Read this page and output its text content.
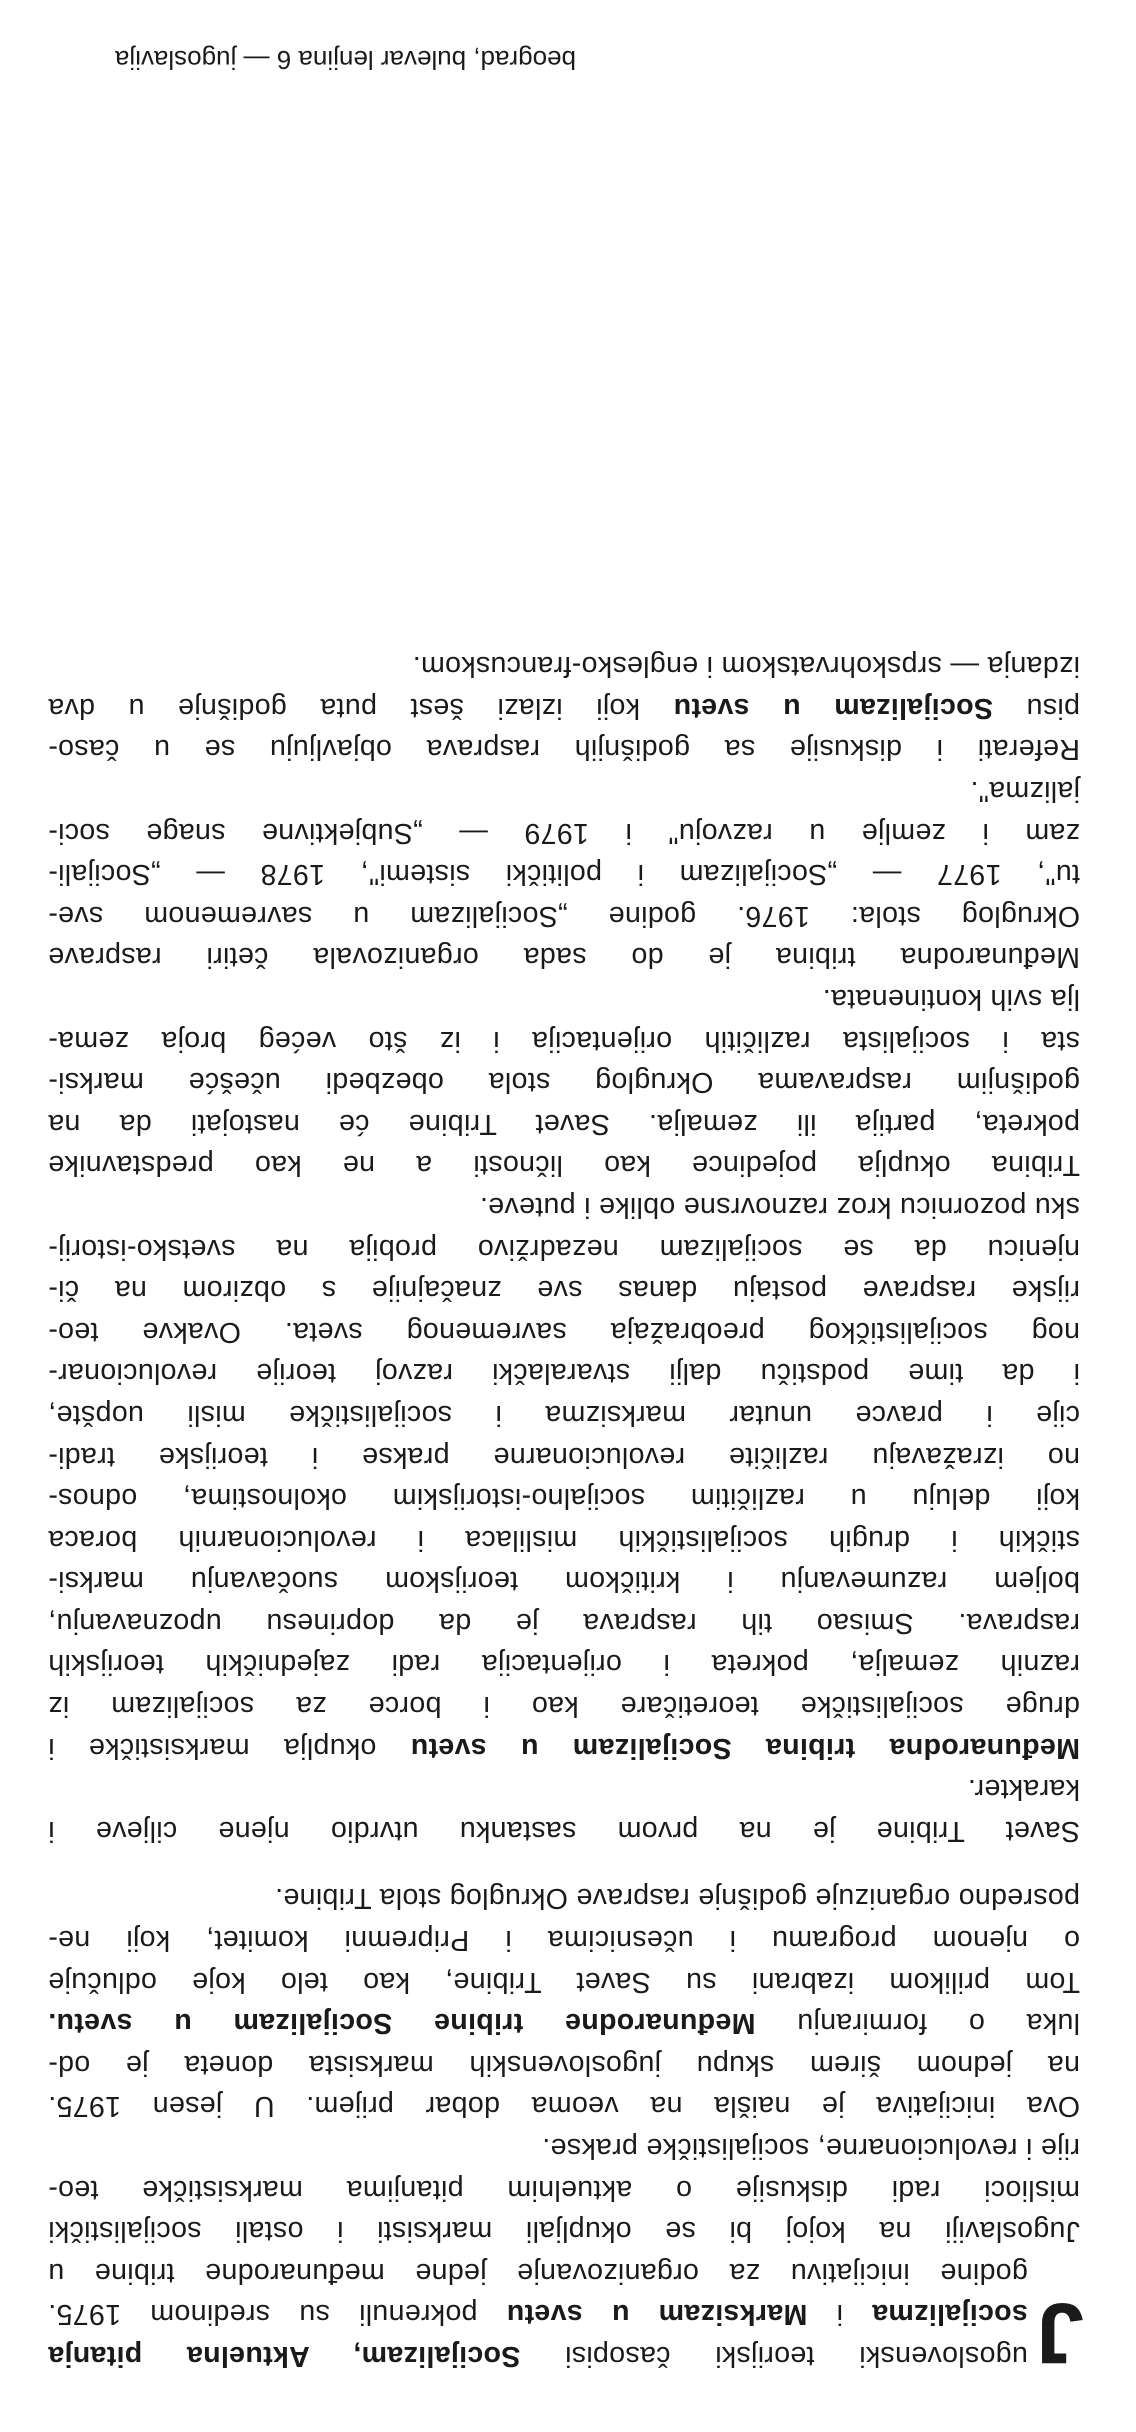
J
ugoslovenski teorijski časopisi Socijalizam, Aktuelna pitanja
socijalizma i Marksizam u svetu pokrenuli su sredinom 1975.
godine inicijativu za organizovanje jedne međunarodne tribine u
Jugoslaviji na kojoj bi se okupljali marksisti i ostali socijalistički
mislioci radi diskusije o aktuelnim pitanjima marksističke teo-
rije i revolucionarne, socijalističke prakse.
Ova inicijativa je naišla na veoma dobar prijem. U jesen 1975.
na jednom širem skupu jugoslovenskih marksista doneta je od-
luka o formiranju Međunarodne tribine Socijalizam u svetu.
Tom prilikom izabrani su Savet Tribine, kao telo koje odlučuje
o njenom programu i učesnicima i Pripremni komitet, koji ne-
posredno organizuje godišnje rasprave Okruglog stola Tribine.
Savet Tribine je na prvom sastanku utvrdio njene ciljeve i
karakter.
Međunarodna tribina Socijalizam u svetu okuplja marksističke i
druge socijalističke teoretičare kao i borce za socijalizam iz
raznih zemalja, pokreta i orijentacija radi zajedničkih teorijskih
rasprava. Smisao tih rasprava je da doprinesu upoznavanju,
boljem razumevanju i kritičkom teorijskom suočavanju marksi-
stičkih i drugih socijalističkih mislilaca i revolucionarnih boraca
koji deluju u različitim socijalno-istorijskim okolnostima, odnos-
no izražavaju različite revolucionarne prakse i teorijske tradi-
cije i pravce unutar marksizma i socijalističke misli uopšte,
i da time podstiču dalji stvaralački razvoj teorije revolucionar-
nog socijalističkog preobražaja savremenog sveta. Ovakve teo-
rijske rasprave postaju danas sve značajnije s obzirom na či-
njenicu da se socijalizam nezadrživo probija na svetsko-istorij-
sku pozornicu kroz raznovrsne oblike i puteve.
Tribina okuplja pojedince kao ličnosti a ne kao predstavnike
pokreta, partija ili zemalja. Savet Tribine će nastojati da na
godišnjim raspravama Okruglog stola obezbedi učešće marksi-
sta i socijalista različitih orijentacija i iz što većeg broja zema-
lja svih kontinenata.
Međunarodna tribina je do sada organizovala četiri rasprave
Okruglog stola: 1976. godine „Socijalizam u savremenom sve-
tu", 1977 — „Socijalizam i politički sistemi", 1978 — „Socijali-
zam i zemlje u razvoju" i 1979 — „Subjektivne snage soci-
jalizma".
Referati i diskusije sa godišnjih rasprava objavljuju se u časo-
pisu Socijalizam u svetu koji izlazi šest puta godišnje u dva
izdanja — srpskohrvatskom i englesko-francuskom.
beograd, bulevar lenjina 6 — jugoslavija
